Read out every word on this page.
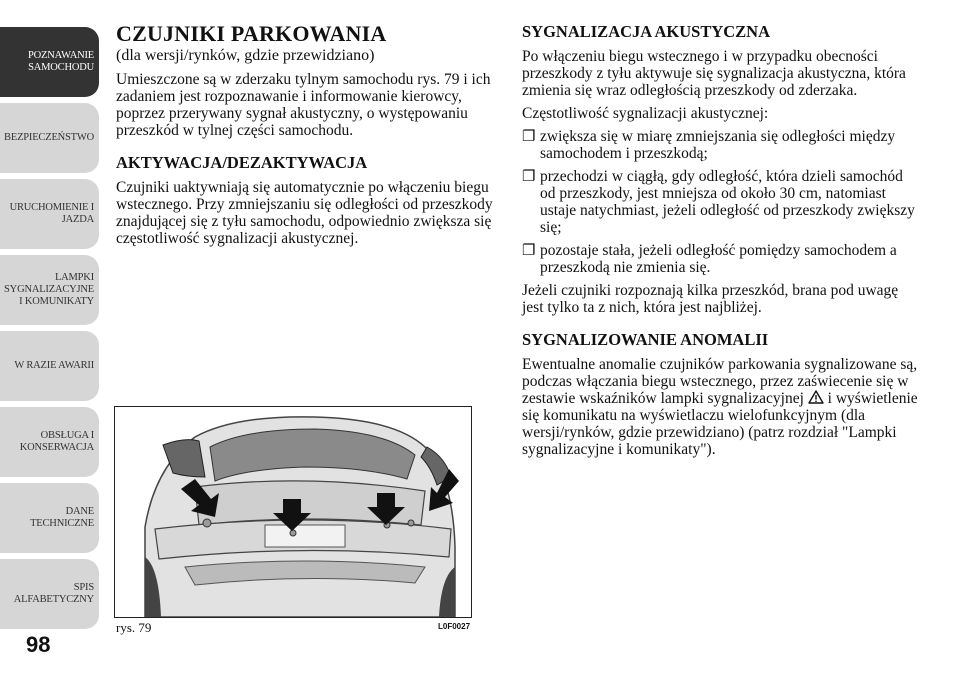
POZNAWANIE
SAMOCHODU
BEZPIECZEŃSTWO
URUCHOMIENIE I
JAZDA
LAMPKI
SYGNALIZACYJNE
I KOMUNIKATY
W RAZIE AWARII
OBSŁUGA I
KONSERWACJA
DANE
TECHNICZNE
SPIS
ALFABETYCZNY
98
CZUJNIKI PARKOWANIA
(dla wersji/rynków, gdzie przewidziano)

Umieszczone są w zderzaku tylnym samochodu rys. 79 i ich zadaniem jest rozpoznawanie i informowanie kierowcy, poprzez przerywany sygnał akustyczny, o występowaniu przeszkód w tylnej części samochodu.

AKTYWACJA/DEZAKTYWACJA

Czujniki uaktywniają się automatycznie po włączeniu biegu wstecznego. Przy zmniejszaniu się odległości od przeszkody znajdującej się z tyłu samochodu, odpowiednio zwiększa się częstotliwość sygnalizacji akustycznej.

SYGNALIZACJA AKUSTYCZNA

Po włączeniu biegu wstecznego i w przypadku obecności przeszkody z tyłu aktywuje się sygnalizacja akustyczna, która zmienia się wraz odległością przeszkody od zderzaka.

Częstotliwość sygnalizacji akustycznej:

❐ zwiększa się w miarę zmniejszania się odległości między samochodem i przeszkodą;
❐ przechodzi w ciągłą, gdy odległość, która dzieli samochód od przeszkody, jest mniejsza od około 30 cm, natomiast ustaje natychmiast, jeżeli odległość od przeszkody zwiększy się;
❐ pozostaje stała, jeżeli odległość pomiędzy samochodem a przeszkodą nie zmienia się.

Jeżeli czujniki rozpoznają kilka przeszkód, brana pod uwagę jest tylko ta z nich, która jest najbliżej.

SYGNALIZOWANIE ANOMALII

Ewentualne anomalie czujników parkowania sygnalizowane są, podczas włączania biegu wstecznego, przez zaświecenie się w zestawie wskaźników lampki sygnalizacyjnej i wyświetlenie się komunikatu na wyświetlaczu wielofunkcyjnym (dla wersji/rynków, gdzie przewidziano) (patrz rozdział "Lampki sygnalizacyjne i komunikaty").

rys. 79	L0F0027
